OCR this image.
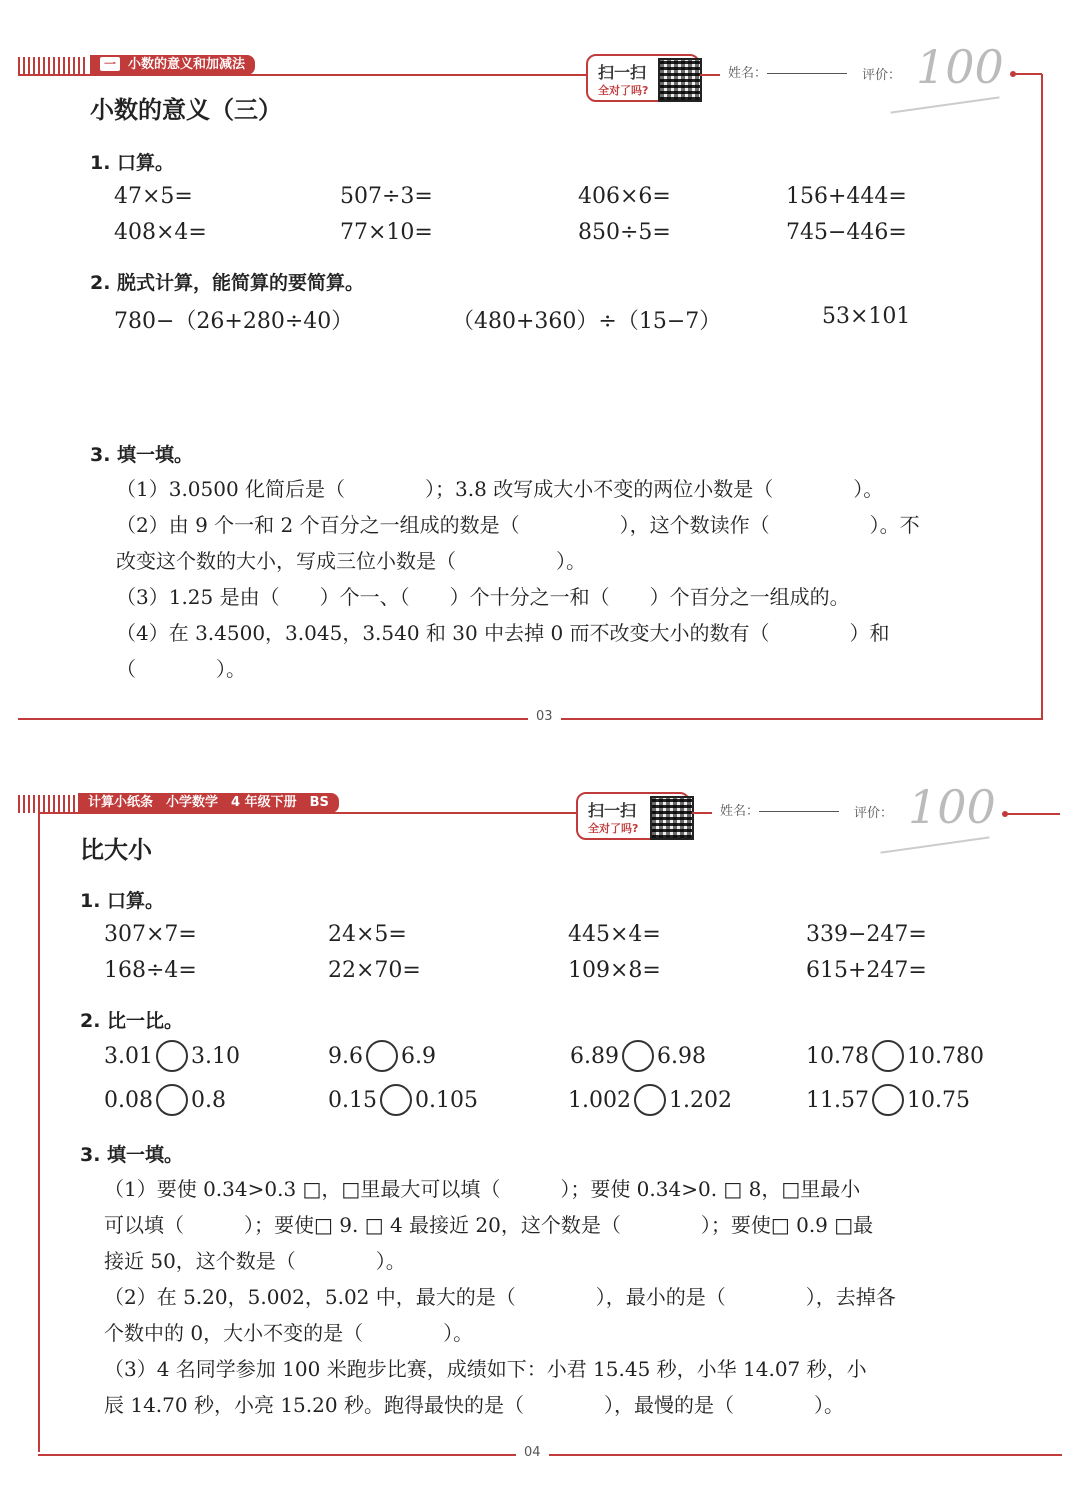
一 小数的意义和加减法	扫一扫
全对了吗?
姓名：	评价： 100
小数的意义（三）
1. 口算。
47×5=	507÷3=	406×6=	156+444=
408×4=	77×10=	850÷5=	745−446=
2. 脱式计算，能简算的要简算。
780−（26+280÷40）	（480+360）÷（15−7）	53×101
3. 填一填。
（1）3.0500 化简后是（　　　　）；3.8 改写成大小不变的两位小数是（　　　　）。
（2）由 9 个一和 2 个百分之一组成的数是（　　　　　），这个数读作（　　　　　）。不
改变这个数的大小，写成三位小数是（　　　　　）。
（3）1.25 是由（　　）个一、（　　）个十分之一和（　　）个百分之一组成的。
（4）在 3.4500，3.045，3.540 和 30 中去掉 0 而不改变大小的数有（　　　　）和
（　　　　）。
03
计算小纸条　小学数学　4 年级下册　BS	扫一扫
全对了吗?
姓名：	评价： 100
比大小
1. 口算。
307×7=	24×5=	445×4=	339−247=
168÷4=	22×70=	109×8=	615+247=
2. 比一比。
3.01 3.10	9.6 6.9	6.89 6.98	10.78 10.780
0.08 0.8	0.15 0.105	1.002 1.202	11.57 10.75
3. 填一填。
（1）要使 0.34>0.3 □，□里最大可以填（　　　）；要使 0.34>0. □ 8，□里最小
可以填（　　　）；要使□ 9. □ 4 最接近 20，这个数是（　　　　）；要使□ 0.9 □最
接近 50，这个数是（　　　　）。
（2）在 5.20，5.002，5.02 中，最大的是（　　　　），最小的是（　　　　），去掉各
个数中的 0，大小不变的是（　　　　）。
（3）4 名同学参加 100 米跑步比赛，成绩如下：小君 15.45 秒，小华 14.07 秒，小
辰 14.70 秒，小亮 15.20 秒。跑得最快的是（　　　　），最慢的是（　　　　）。
04
